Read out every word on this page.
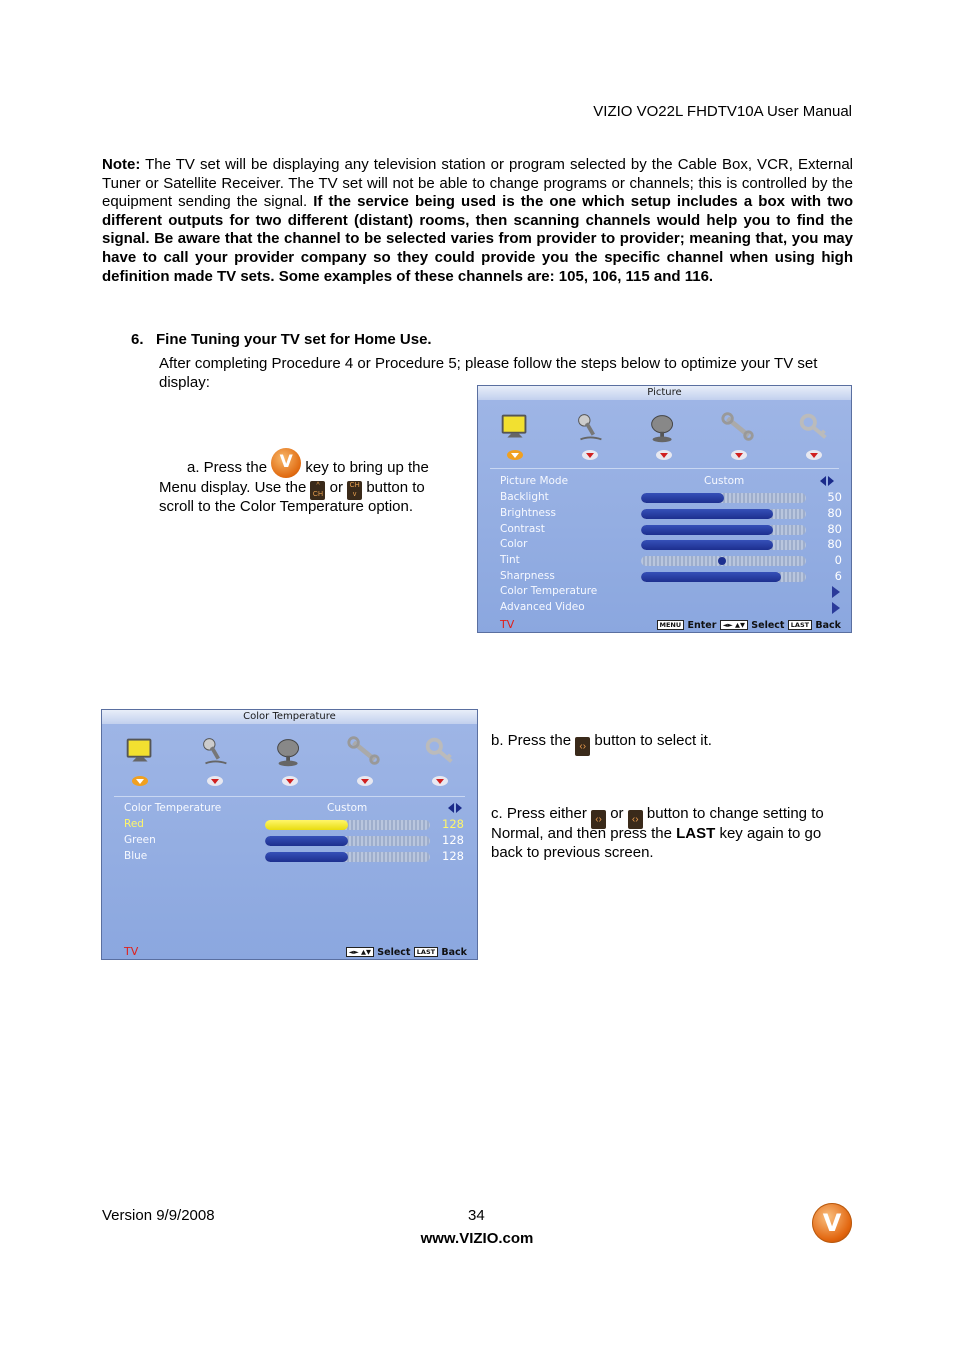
VIZIO VO22L FHDTV10A User Manual
Note: The TV set will be displaying any television station or program selected by the Cable Box, VCR, External Tuner or Satellite Receiver. The TV set will not be able to change programs or channels; this is controlled by the equipment sending the signal. If the service being used is the one which setup includes a box with two different outputs for two different (distant) rooms, then scanning channels would help you to find the signal. Be aware that the channel to be selected varies from provider to provider; meaning that, you may have to call your provider company so they could provide you the specific channel when using high definition made TV sets. Some examples of these channels are: 105, 106, 115 and 116.
6.   Fine Tuning your TV set for Home Use.
After completing Procedure 4 or Procedure 5; please follow the steps below to optimize your TV set display:
a. Press the V	key to bring up the
Menu display. Use the ^
CH or CH
v button to
scroll to the Color Temperature option.
Picture
Picture Mode	Custom
Backlight	50
Brightness	80
Contrast	80
Color	80
Tint	0
Sharpness	6
Color Temperature
Advanced Video
TV	MENU Enter ◄► ▲▼ Select LAST Back
Color Temperature
Color Temperature	Custom
Red	128
Green	128
Blue	128
TV	◄► ▲▼ Select LAST Back
b. Press the ‹› button to select it.
c. Press either ‹› or ‹› button to change setting to
Normal, and then press the LAST key again to go
back to previous screen.
Version 9/9/2008	34
www.VIZIO.com
V
